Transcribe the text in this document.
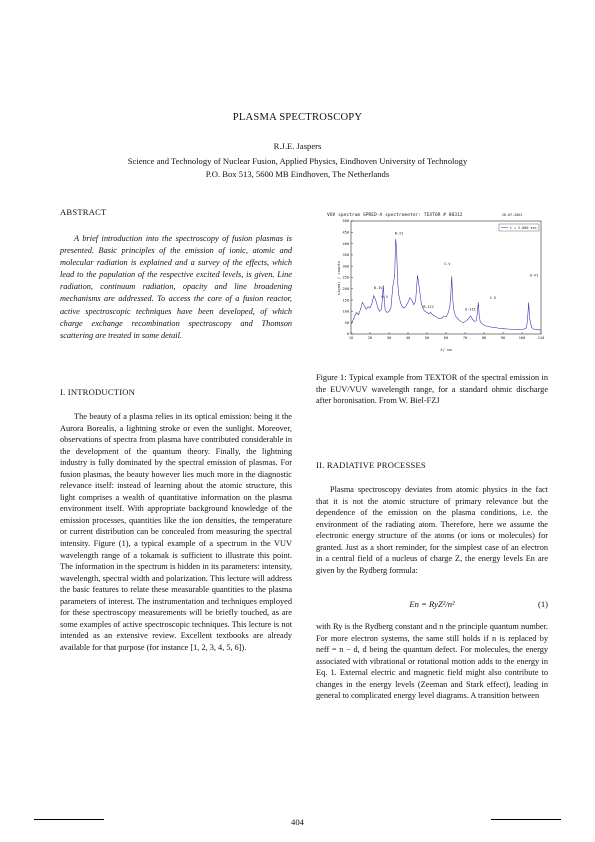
PLASMA SPECTROSCOPY
R.J.E. Jaspers
Science and Technology of Nuclear Fusion, Applied Physics, Eindhoven University of Technology
P.O. Box 513, 5600 MB Eindhoven, The Netherlands
ABSTRACT

A brief introduction into the spectroscopy of fusion plasmas is presented. Basic principles of the emission of ionic, atomic and molecular radiation is explained and a survey of the effects, which lead to the population of the respective excited levels, is given. Line radiation, continuum radiation, opacity and line broadening mechanisms are addressed. To access the core of a fusion reactor, active spectroscopic techniques have been developed, of which charge exchange recombination spectroscopy and Thomson scattering are treated in some detail.

I. INTRODUCTION

The beauty of a plasma relies in its optical emission: being it the Aurora Borealis, a lightning stroke or even the sunlight. Moreover, observations of spectra from plasma have contributed considerable in the development of the quantum theory. Finally, the lightning industry is fully dominated by the spectral emission of plasmas. For fusion plasmas, the beauty however lies much more in the diagnostic relevance itself: instead of learning about the atomic structure, this light comprises a wealth of quantitative information on the plasma environment itself. With appropriate background knowledge of the emission processes, quantities like the ion densities, the temperature or current distribution can be concealed from measuring the spectral intensity. Figure (1), a typical example of a spectrum in the VUV wavelength range of a tokamak is sufficient to illustrate this point. The information in the spectrum is hidden in its parameters: intensity, wavelength, spectral width and polarization. This lecture will address the basic features to relate these measurable quantities to the plasma parameters of interest. The instrumentation and techniques employed for these spectroscopy measurements will be briefly touched, as are some examples of active spectroscopic techniques. This lecture is not intended as an extensive review. Excellent textbooks are already available for that purpose (for instance [1, 2, 3, 4, 5, 6]).

VUV spectrum SPRED-A spectrometer: TEXTOR # 88312	26-07-2001
10	20	30	40	50	60	70	80	90	100	110
0
50
100
150
200
250
300
350
400
450
500
signal / counts
λ/ nm
t = 2.000 sec.
B-II
B-IV
C-V
B-III
C-V
O-VI
O-III
O-V

Figure 1: Typical example from TEXTOR of the spectral emission in the EUV/VUV wavelength range, for a standard ohmic discharge after boronisation. From W. Biel-FZJ

II. RADIATIVE PROCESSES

Plasma spectroscopy deviates from atomic physics in the fact that it is not the atomic structure of primary relevance but the dependence of the emission on the plasma conditions, i.e. the environment of the radiating atom. Therefore, here we assume the electronic energy structure of the atoms (or ions or molecules) for granted. Just as a short reminder, for the simplest case of an electron in a central field of a nucleus of charge Z, the energy levels En are given by the Rydberg formula:

En = RyZ²/n²	(1)

with Ry is the Rydberg constant and n the principle quantum number. For more electron systems, the same still holds if n is replaced by neff = n − d, d being the quantum defect. For molecules, the energy associated with vibrational or rotational motion adds to the energy in Eq. 1. External electric and magnetic field might also contribute to changes in the energy levels (Zeeman and Stark effect), leading in general to complicated energy level diagrams. A transition between

404
